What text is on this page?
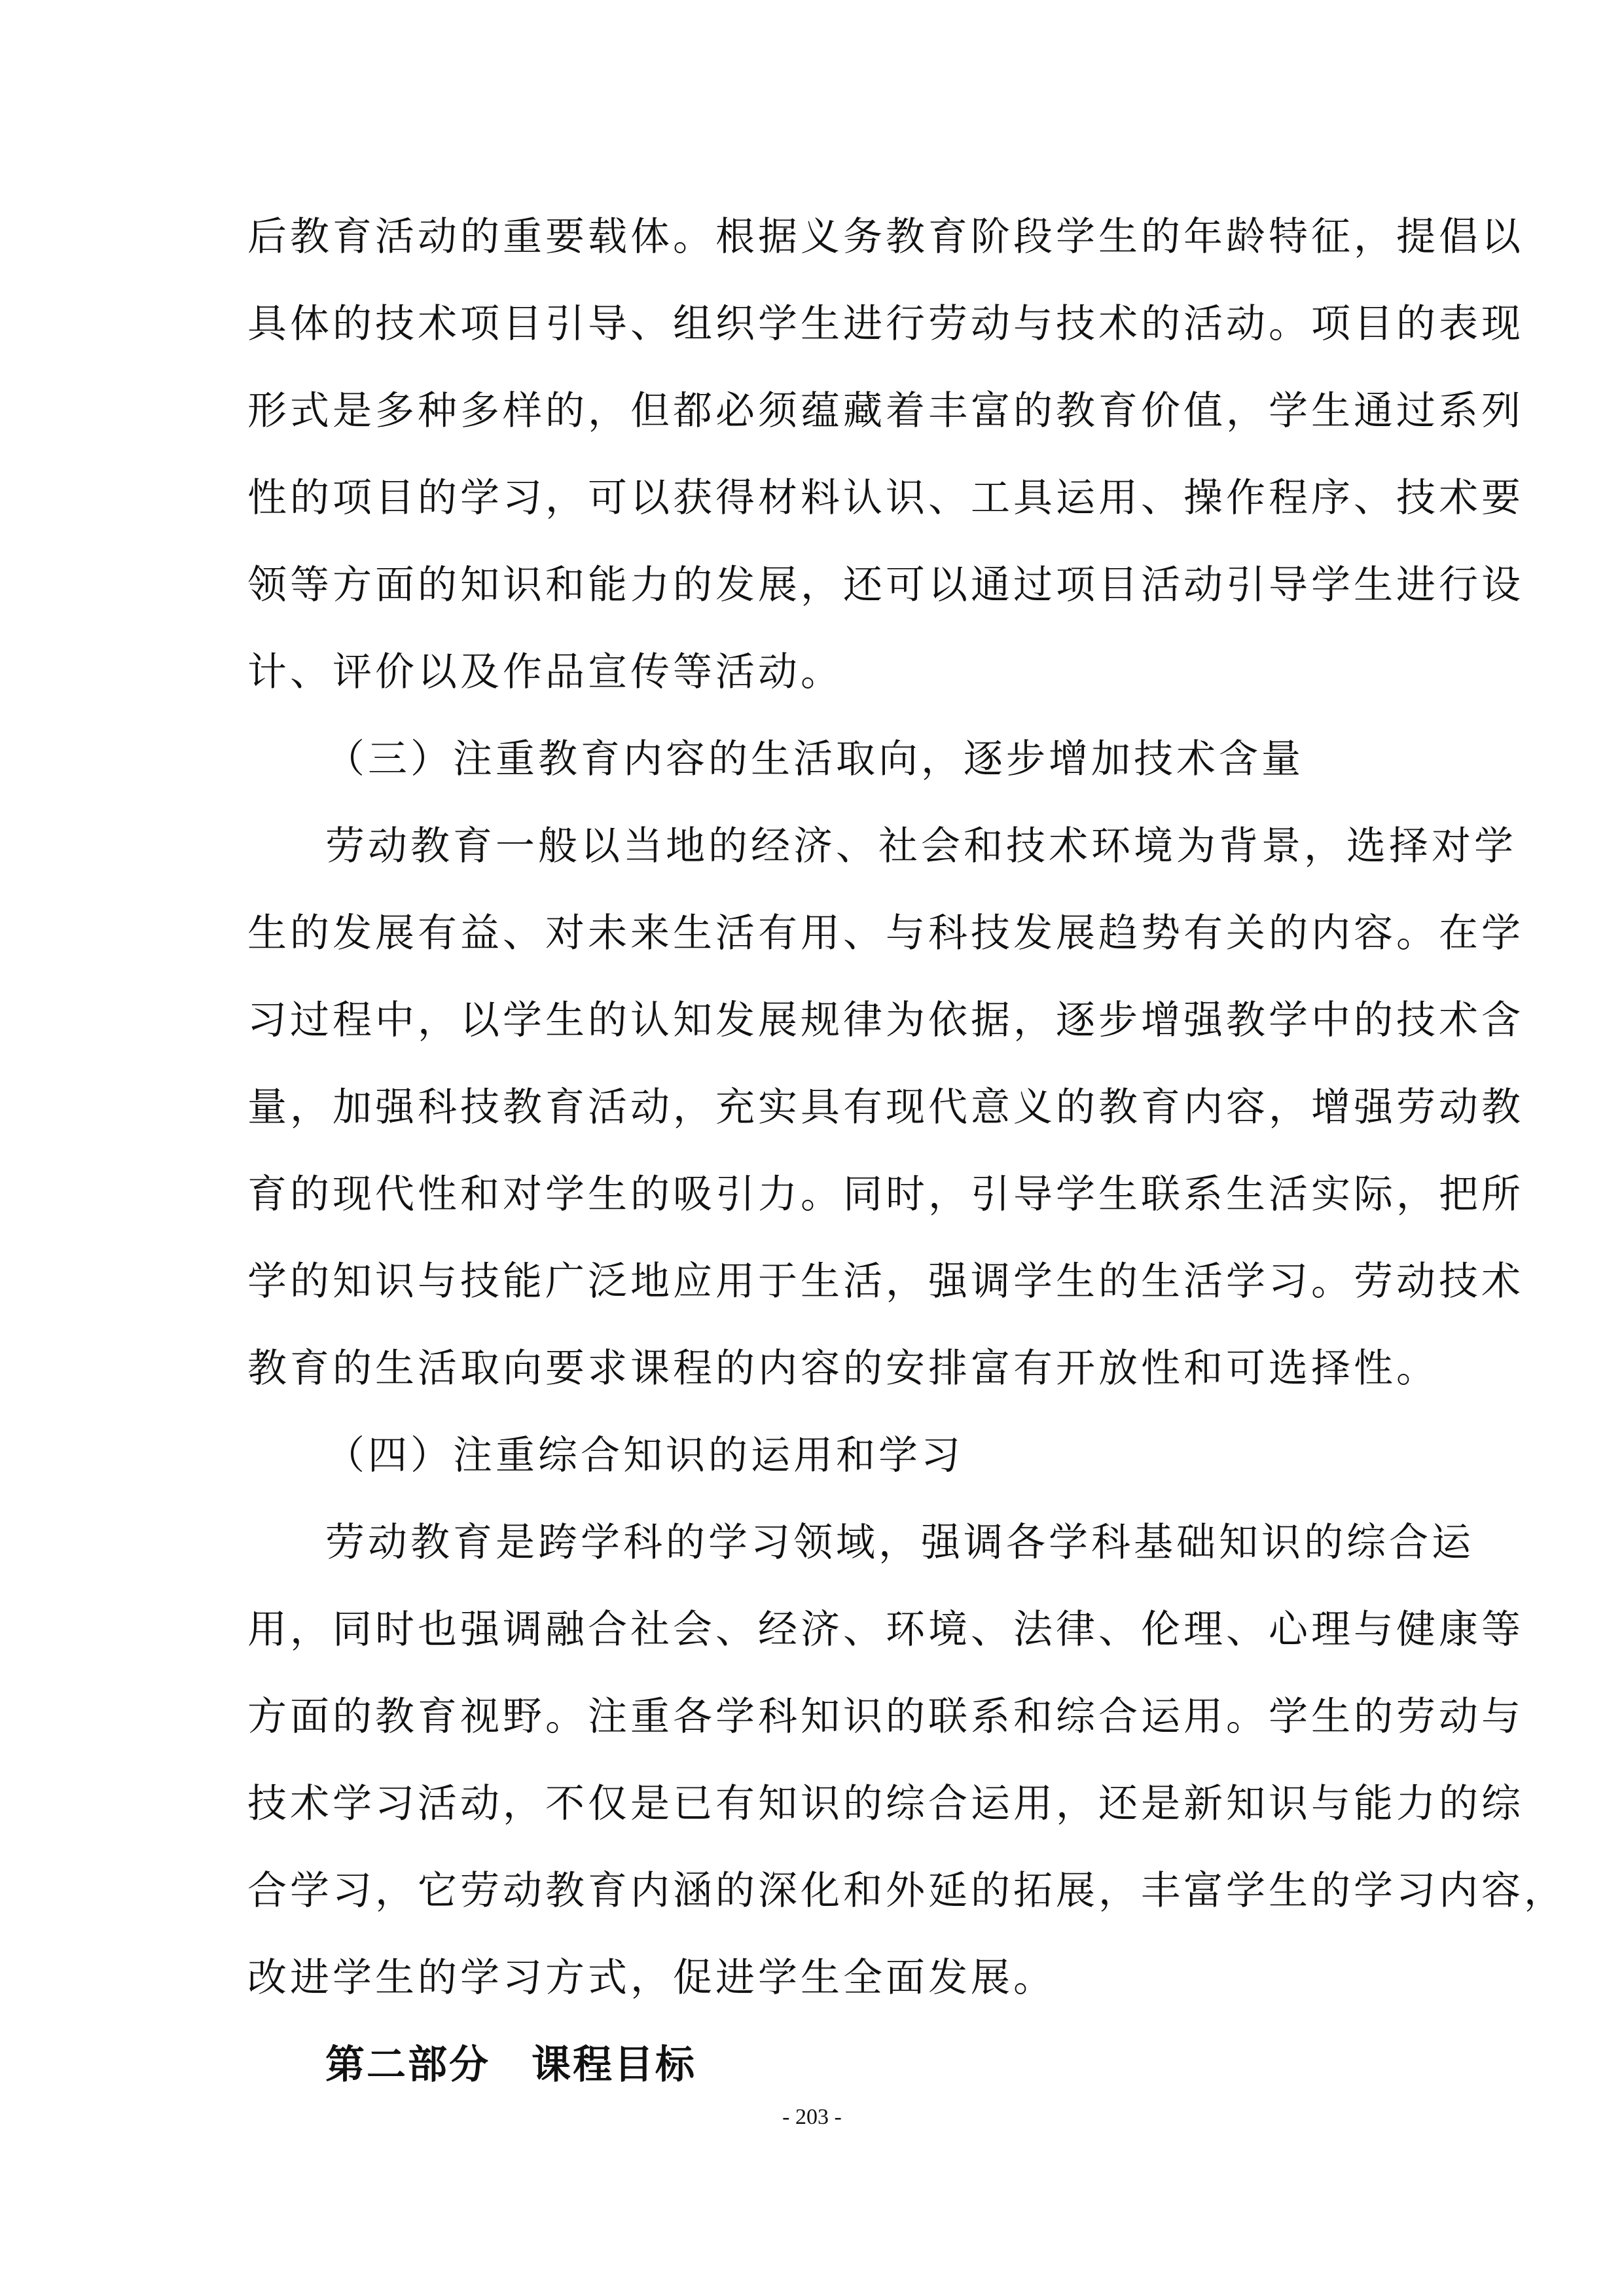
后教育活动的重要载体。根据义务教育阶段学生的年龄特征，提倡以
具体的技术项目引导、组织学生进行劳动与技术的活动。项目的表现
形式是多种多样的，但都必须蕴藏着丰富的教育价值，学生通过系列
性的项目的学习，可以获得材料认识、工具运用、操作程序、技术要
领等方面的知识和能力的发展，还可以通过项目活动引导学生进行设
计、评价以及作品宣传等活动。
（三）注重教育内容的生活取向，逐步增加技术含量
劳动教育一般以当地的经济、社会和技术环境为背景，选择对学
生的发展有益、对未来生活有用、与科技发展趋势有关的内容。在学
习过程中，以学生的认知发展规律为依据，逐步增强教学中的技术含
量，加强科技教育活动，充实具有现代意义的教育内容，增强劳动教
育的现代性和对学生的吸引力。同时，引导学生联系生活实际，把所
学的知识与技能广泛地应用于生活，强调学生的生活学习。劳动技术
教育的生活取向要求课程的内容的安排富有开放性和可选择性。
（四）注重综合知识的运用和学习
劳动教育是跨学科的学习领域，强调各学科基础知识的综合运
用，同时也强调融合社会、经济、环境、法律、伦理、心理与健康等
方面的教育视野。注重各学科知识的联系和综合运用。学生的劳动与
技术学习活动，不仅是已有知识的综合运用，还是新知识与能力的综
合学习，它劳动教育内涵的深化和外延的拓展，丰富学生的学习内容，
改进学生的学习方式，促进学生全面发展。
第二部分　课程目标
- 203 -
